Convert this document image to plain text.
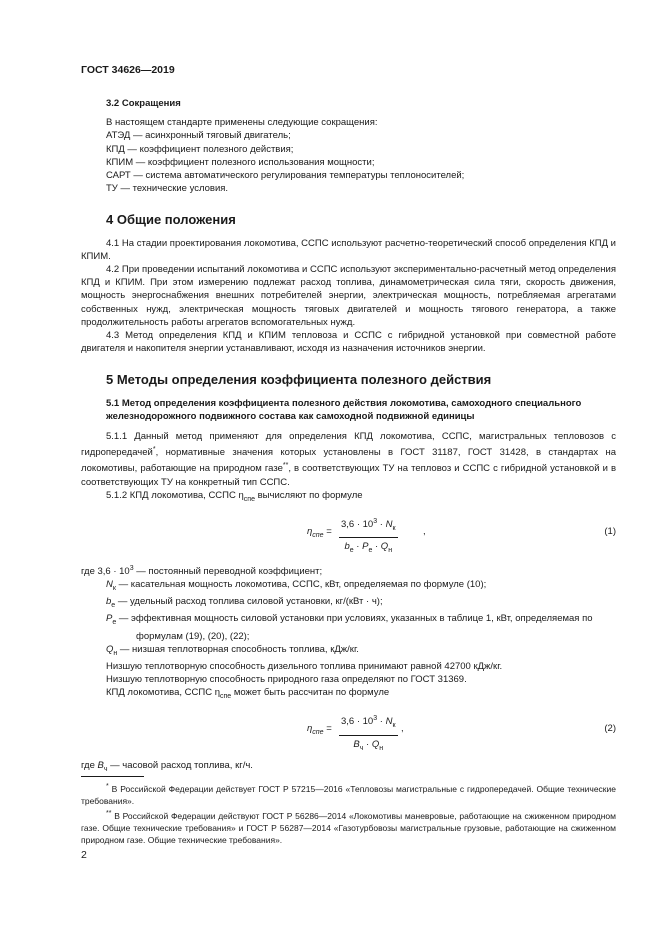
ГОСТ 34626—2019
3.2 Сокращения
В настоящем стандарте применены следующие сокращения:
АТЭД — асинхронный тяговый двигатель;
КПД — коэффициент полезного действия;
КПИМ — коэффициент полезного использования мощности;
САРТ — система автоматического регулирования температуры теплоносителей;
ТУ — технические условия.
4 Общие положения

4.1 На стадии проектирования локомотива, ССПС используют расчетно-теоретический способ определения КПД и КПИМ.

4.2 При проведении испытаний локомотива и ССПС используют экспериментально-расчетный метод определения КПД и КПИМ. При этом измерению подлежат расход топлива, динамометрическая сила тяги, скорость движения, мощность энергоснабжения внешних потребителей энергии, электрическая мощность, потребляемая агрегатами собственных нужд, электрическая мощность тяговых двигателей и мощность тягового генератора, а также продолжительность работы агрегатов вспомогательных нужд.

4.3 Метод определения КПД и КПИМ тепловоза и ССПС с гибридной установкой при совместной работе двигателя и накопителя энергии устанавливают, исходя из назначения источников энергии.

5 Методы определения коэффициента полезного действия
5.1 Метод определения коэффициента полезного действия локомотива, самоходного специального железнодорожного подвижного состава как самоходной подвижной единицы

5.1.1 Данный метод применяют для определения КПД локомотива, ССПС, магистральных тепловозов с гидропередачей*, нормативные значения которых установлены в ГОСТ 31187, ГОСТ 31428, в стандартах на локомотивы, работающие на природном газе**, в соответствующих ТУ на тепловоз и ССПС с гибридной установкой и в соответствующих ТУ на конкретный тип ССПС.

5.1.2 КПД локомотива, ССПС $\eta_{спе}$ вычисляют по формуле

$\eta_{спе}$ =
$3,6 \cdot 10^3 \cdot N_к$
$b_е \cdot P_е \cdot Q_н$
,	(1)
где $3,6 \cdot 10^3$ — постоянный переводной коэффициент;
$N_к$ — касательная мощность локомотива, ССПС, кВт, определяемая по формуле (10);
$b_е$ — удельный расход топлива силовой установки, кг/(кВт · ч);
$P_е$ — эффективная мощность силовой установки при условиях, указанных в таблице 1, кВт, определяемая по формулам (19), (20), (22);
$Q_н$ — низшая теплотворная способность топлива, кДж/кг.
Низшую теплотворную способность дизельного топлива принимают равной 42700 кДж/кг.
Низшую теплотворную способность природного газа определяют по ГОСТ 31369.
КПД локомотива, ССПС $\eta_{спе}$ может быть рассчитан по формуле
$\eta_{спе}$ =
$3,6 \cdot 10^3 \cdot N_к$
$B_ч \cdot Q_н$
,	(2)
где $B_ч$ — часовой расход топлива, кг/ч.

* В Российской Федерации действует ГОСТ Р 57215—2016 «Тепловозы магистральные с гидропередачей. Общие технические требования».

** В Российской Федерации действуют ГОСТ Р 56286—2014 «Локомотивы маневровые, работающие на сжиженном природном газе. Общие технические требования» и ГОСТ Р 56287—2014 «Газотурбовозы магистральные грузовые, работающие на сжиженном природном газе. Общие технические требования».

2
